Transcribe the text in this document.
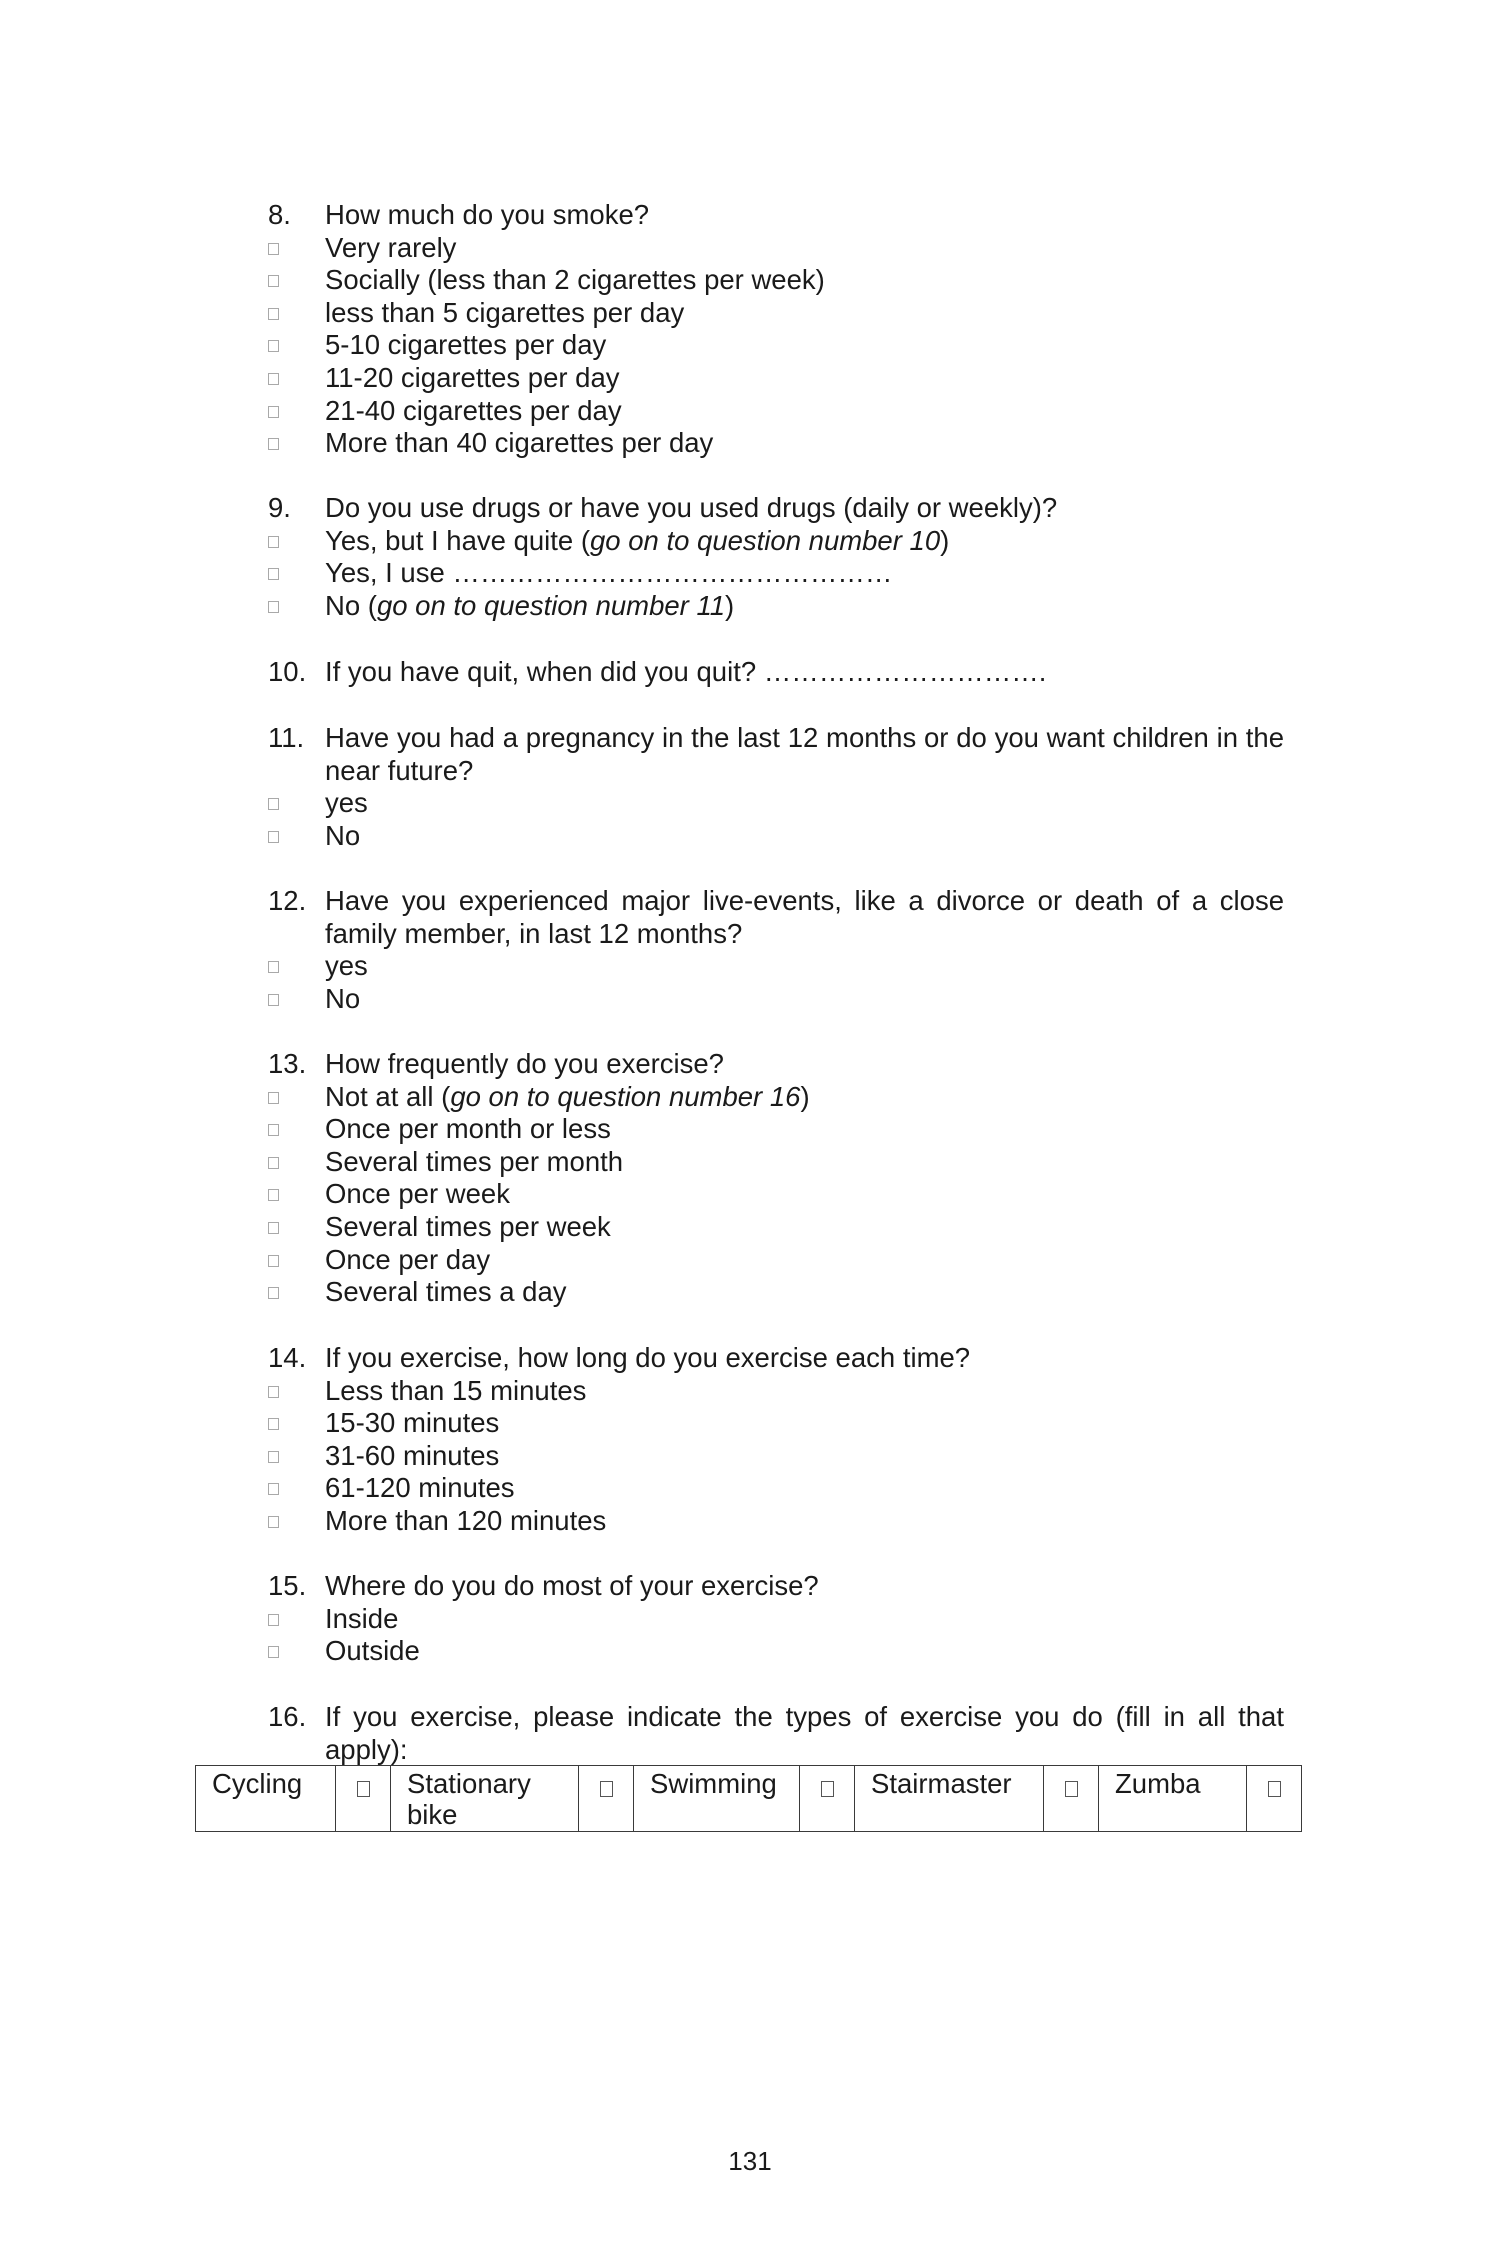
8. How much do you smoke?
Very rarely
Socially (less than 2 cigarettes per week)
less than 5 cigarettes per day
5-10 cigarettes per day
11-20 cigarettes per day
21-40 cigarettes per day
More than 40 cigarettes per day
9. Do you use drugs or have you used drugs (daily or weekly)?
Yes, but I have quite (go on to question number 10)
Yes, I use …………………………………………
No (go on to question number 11)
10. If you have quit, when did you quit? ………………………….
11. Have you had a pregnancy in the last 12 months or do you want children in the near future?
yes
No
12. Have you experienced major live-events, like a divorce or death of a close family member, in last 12 months?
yes
No
13. How frequently do you exercise?
Not at all (go on to question number 16)
Once per month or less
Several times per month
Once per week
Several times per week
Once per day
Several times a day
14. If you exercise, how long do you exercise each time?
Less than 15 minutes
15-30 minutes
31-60 minutes
61-120 minutes
More than 120 minutes
15. Where do you do most of your exercise?
Inside
Outside
16. If you exercise, please indicate the types of exercise you do (fill in all that apply):
Cycling		Stationary bike		Swimming		Stairmaster		Zumba	
131
